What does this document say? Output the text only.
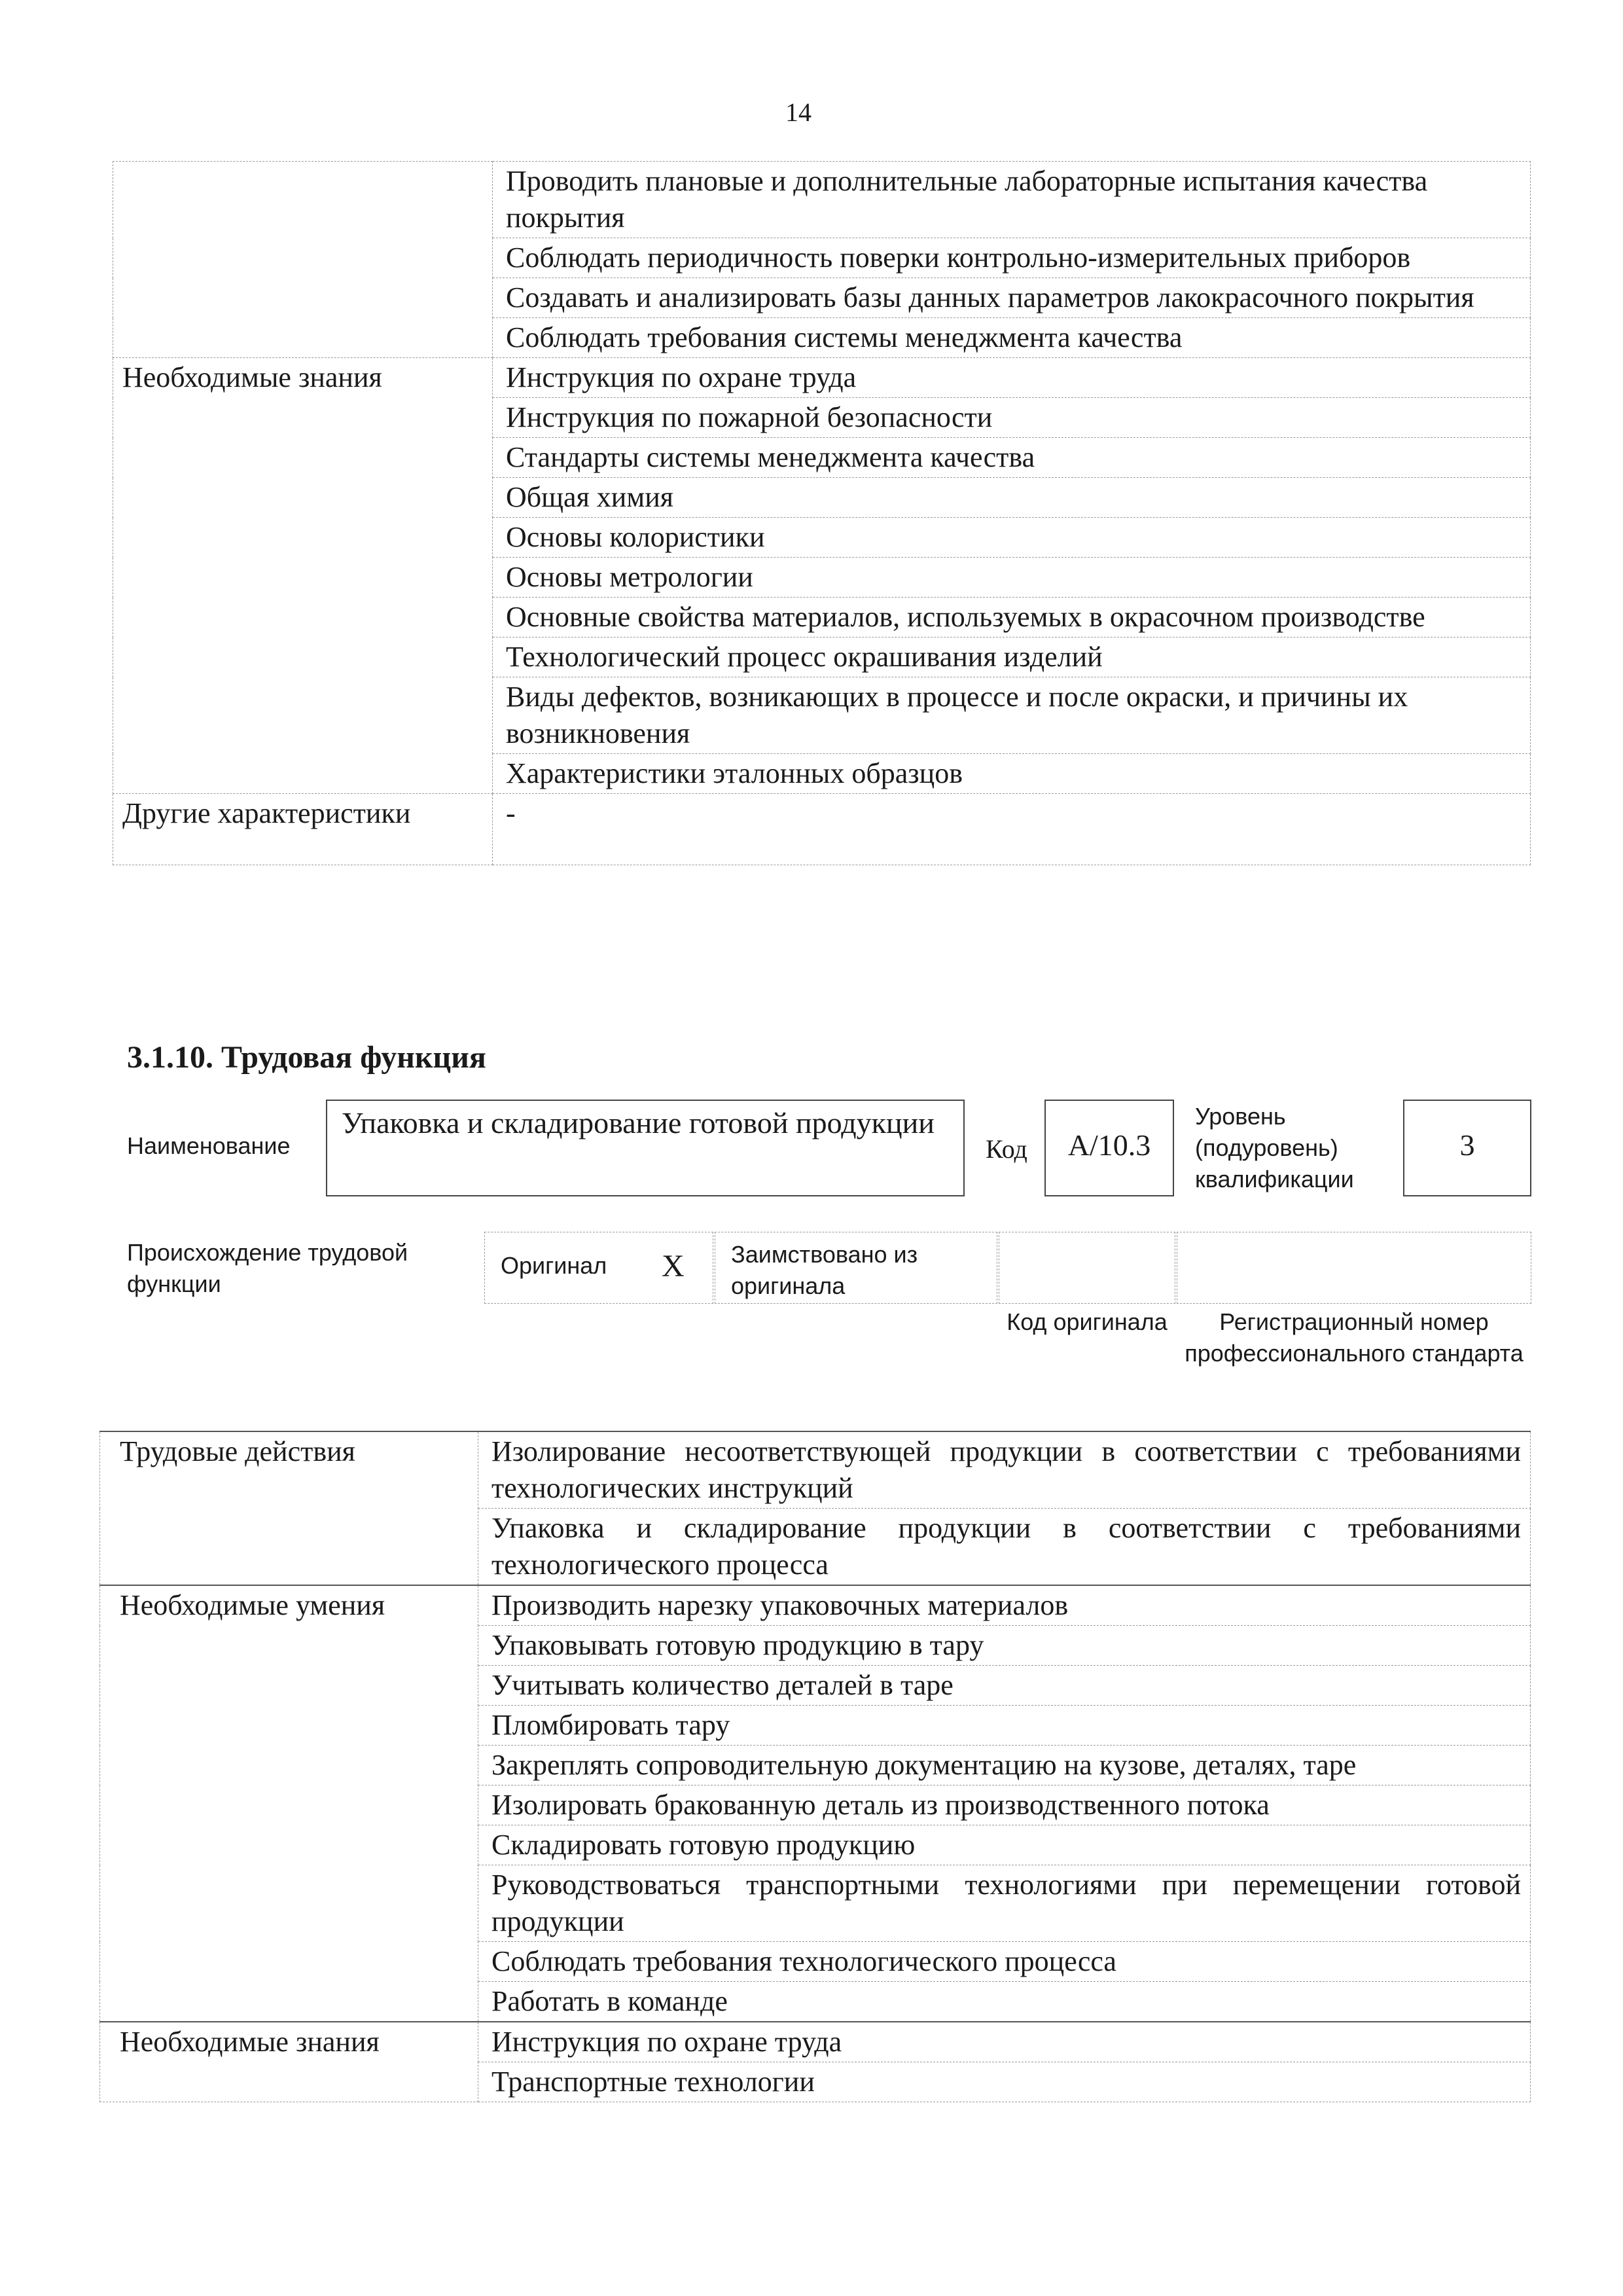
14
	Проводить плановые и дополнительные лабораторные испытания качества покрытия
	Соблюдать периодичность поверки контрольно-измерительных приборов
	Создавать и анализировать базы данных параметров лакокрасочного покрытия
	Соблюдать требования системы менеджмента качества
Необходимые знания	Инструкция по охране труда
	Инструкция по пожарной безопасности
	Стандарты системы менеджмента качества
	Общая химия
	Основы колористики
	Основы метрологии
	Основные свойства материалов, используемых в окрасочном производстве
	Технологический процесс окрашивания изделий
	Виды дефектов, возникающих в процессе и после окраски, и причины их возникновения
	Характеристики эталонных образцов
Другие характеристики	-
3.1.10. Трудовая функция
Наименование
Упаковка и складирование готовой продукции
Код	A/10.3
Уровень (подуровень) квалификации
3
Происхождение трудовой функции
Оригинал X Заимствовано из оригинала
Код оригинала	Регистрационный номер профессионального стандарта
Трудовые действия	Изолирование несоответствующей продукции в соответствии с требованиями технологических инструкций
	Упаковка и складирование продукции в соответствии с требованиями технологического процесса
Необходимые умения	Производить нарезку упаковочных материалов
	Упаковывать готовую продукцию в тару
	Учитывать количество деталей в таре
	Пломбировать тару
	Закреплять сопроводительную документацию на кузове, деталях, таре
	Изолировать бракованную деталь из производственного потока
	Складировать готовую продукцию
	Руководствоваться транспортными технологиями при перемещении готовой продукции
	Соблюдать требования технологического процесса
	Работать в команде
Необходимые знания	Инструкция по охране труда
	Транспортные технологии
